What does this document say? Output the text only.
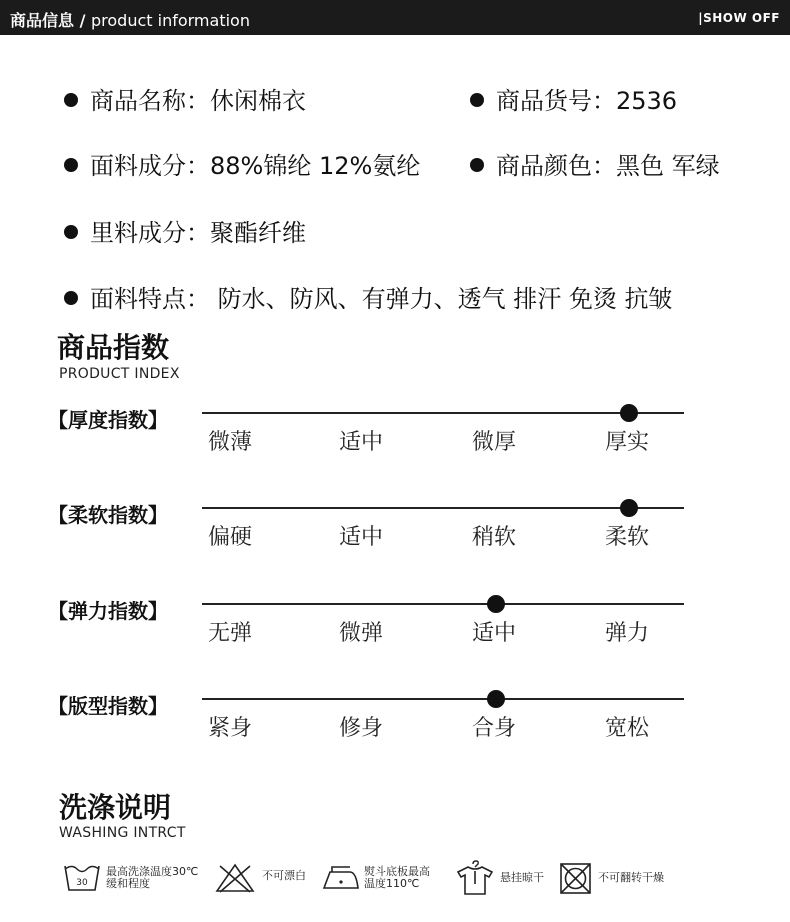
商品信息 / product information	|SHOW OFF
商品名称：休闲棉衣	商品货号：2536
面料成分：88%锦纶 12%氨纶	商品颜色：黑色 军绿
里料成分：聚酯纤维
面料特点： 防水、防风、有弹力、透气 排汗 免烫 抗皱
商品指数
PRODUCT INDEX
【厚度指数】
微薄	适中	微厚	厚实
【柔软指数】
偏硬	适中	稍软	柔软
【弹力指数】
无弹	微弹	适中	弹力
【版型指数】
紧身	修身	合身	宽松
洗涤说明
WASHING INTRCT
30
最高洗涤温度30℃
缓和程度
不可漂白	熨斗底板最高
温度110℃	悬挂晾干	不可翻转干燥
